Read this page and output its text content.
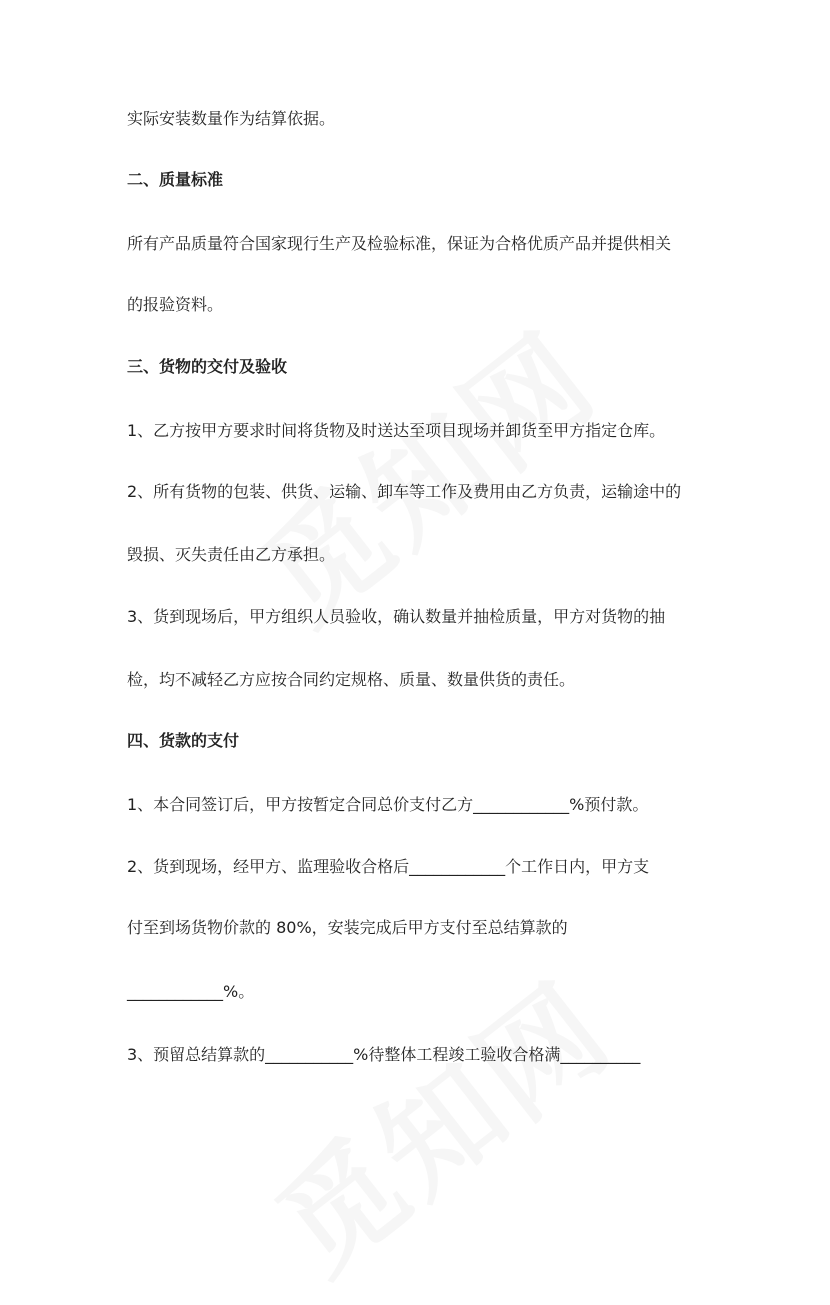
实际安装数量作为结算依据。
二、质量标准
所有产品质量符合国家现行生产及检验标准，保证为合格优质产品并提供相关
的报验资料。
三、货物的交付及验收
1、乙方按甲方要求时间将货物及时送达至项目现场并卸货至甲方指定仓库。
2、所有货物的包装、供货、运输、卸车等工作及费用由乙方负责，运输途中的
毁损、灭失责任由乙方承担。
3、货到现场后，甲方组织人员验收，确认数量并抽检质量，甲方对货物的抽
检，均不减轻乙方应按合同约定规格、质量、数量供货的责任。
四、货款的支付
1、本合同签订后，甲方按暂定合同总价支付乙方____________%预付款。
2、货到现场，经甲方、监理验收合格后____________个工作日内，甲方支
付至到场货物价款的 80%，安装完成后甲方支付至总结算款的
____________%。
3、预留总结算款的___________%待整体工程竣工验收合格满__________
